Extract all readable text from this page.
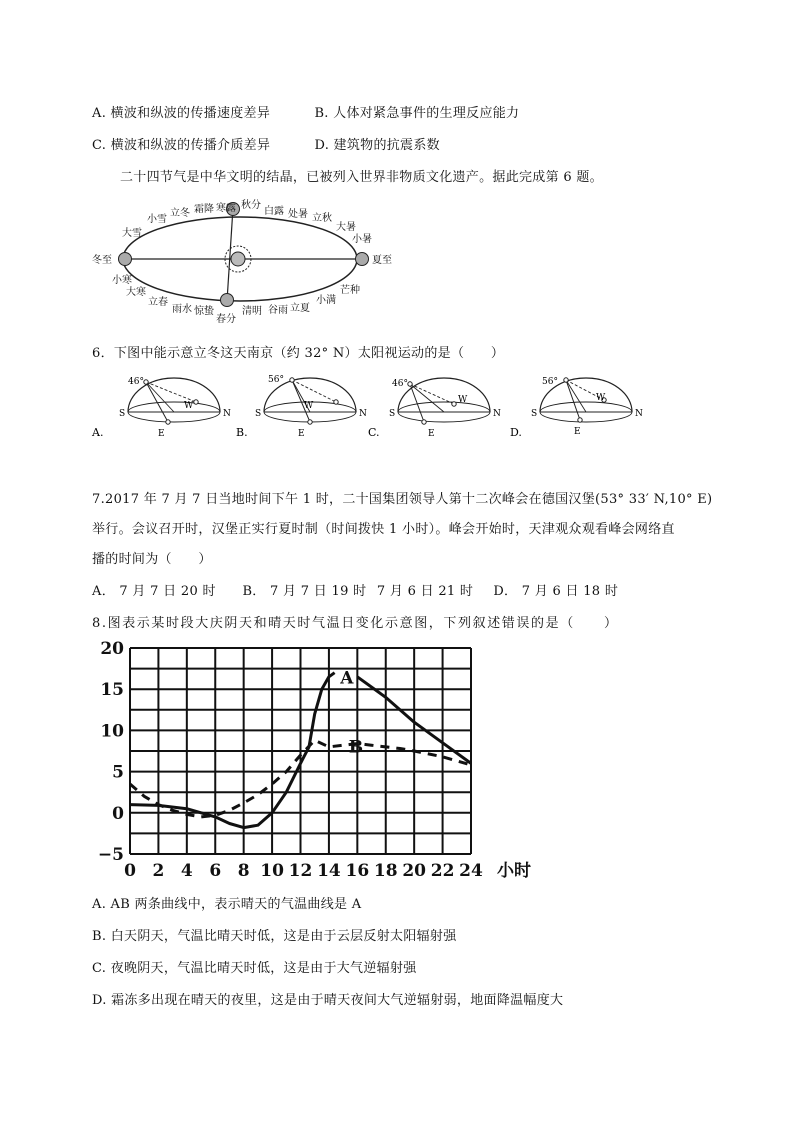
A. 横波和纵波的传播速度差异	B. 人体对紧急事件的生理反应能力
C. 横波和纵波的传播介质差异	D. 建筑物的抗震系数
二十四节气是中华文明的结晶，已被列入世界非物质文化遗产。据此完成第 6 题。
大雪
小雪
立冬 霜降 寒露 秋分
白露 处暑 立秋
大暑
小暑
冬至	夏至
小寒
大寒
立春
雨水 惊蛰
春分
清明 谷雨 立夏
小满
芒种
6．下图中能示意立冬这天南京（约 32° N）太阳视运动的是（　　）
46°
S	N
W
E
A.
56°
S	N
W
E
B.
46°
S	N
W
E
C.
56°
S	N
W
E
D.
7.2017 年 7 月 7 日当地时间下午 1 时，二十国集团领导人第十二次峰会在德国汉堡(53° 33′ N,10° E)
举行。会议召开时，汉堡正实行夏时制（时间拨快 1 小时）。峰会开始时，天津观众观看峰会网络直
播的时间为（　　）
A． 7 月 7 日 20 时 B． 7 月 7 日 19 时 7 月 6 日 21 时 D． 7 月 6 日 18 时
8.图表示某时段大庆阴天和晴天时气温日变化示意图，下列叙述错误的是（　　）
20
15
10
5
0
−5
0 2 4 6 8 10 12 14 16 18 20 22 24 小时
A
B
A. AB 两条曲线中，表示晴天的气温曲线是 A
B. 白天阴天，气温比晴天时低，这是由于云层反射太阳辐射强
C. 夜晚阴天，气温比晴天时低，这是由于大气逆辐射强
D. 霜冻多出现在晴天的夜里，这是由于晴天夜间大气逆辐射弱，地面降温幅度大
